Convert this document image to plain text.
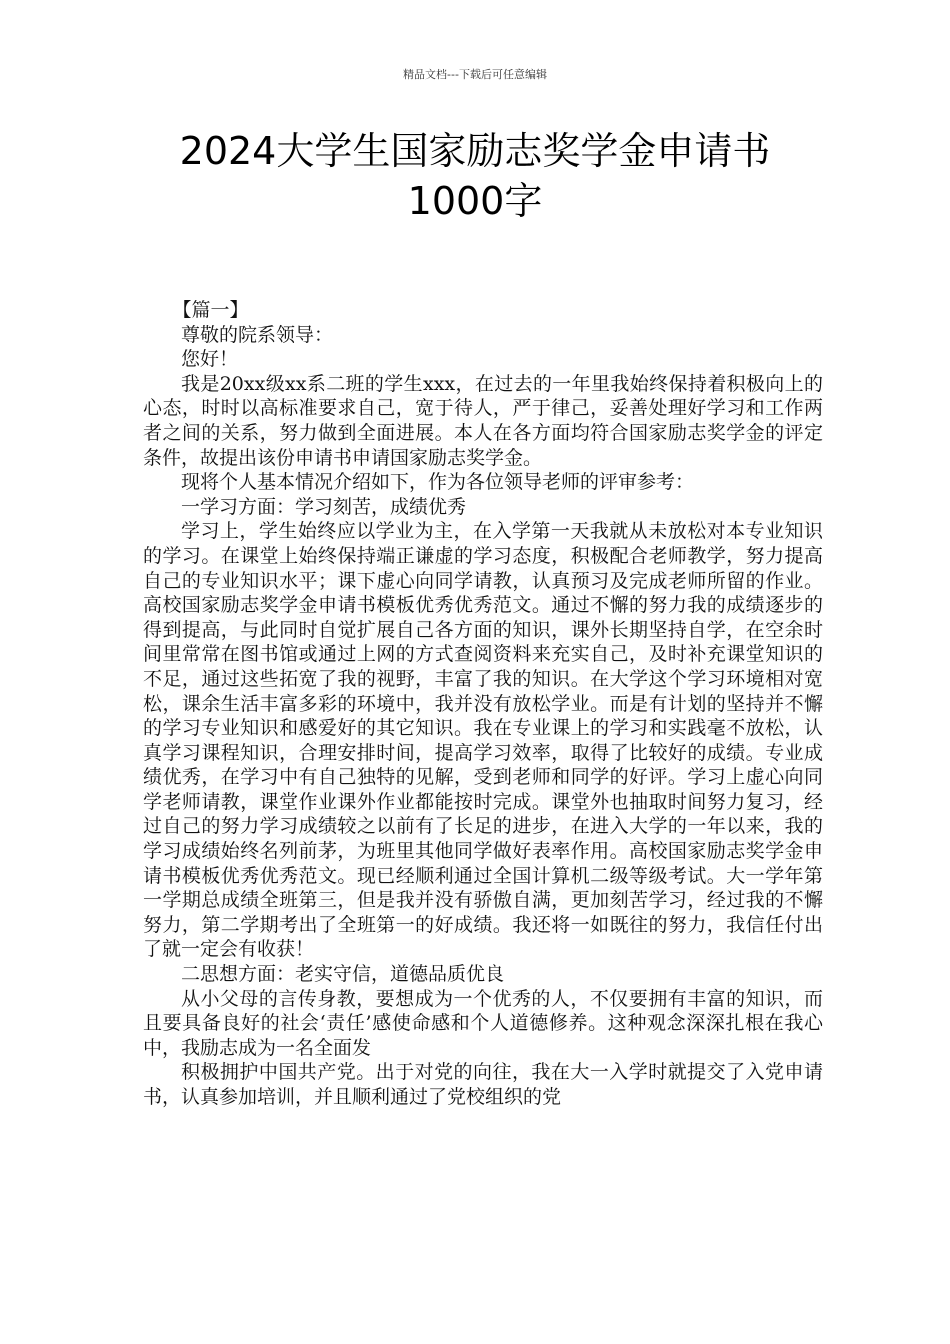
精品文档---下载后可任意编辑
2024大学生国家励志奖学金申请书
1000字

【篇一】

尊敬的院系领导：

您好！

我是20xx级xx系二班的学生xxx，在过去的一年里我始终保持着积极向上的心态，时时以高标准要求自己，宽于待人，严于律己，妥善处理好学习和工作两者之间的关系，努力做到全面进展。本人在各方面均符合国家励志奖学金的评定条件，故提出该份申请书申请国家励志奖学金。

现将个人基本情况介绍如下，作为各位领导老师的评审参考：

一学习方面：学习刻苦，成绩优秀

学习上，学生始终应以学业为主，在入学第一天我就从未放松对本专业知识的学习。在课堂上始终保持端正谦虚的学习态度，积极配合老师教学，努力提高自己的专业知识水平；课下虚心向同学请教，认真预习及完成老师所留的作业。高校国家励志奖学金申请书模板优秀优秀范文。通过不懈的努力我的成绩逐步的得到提高，与此同时自觉扩展自己各方面的知识，课外长期坚持自学，在空余时间里常常在图书馆或通过上网的方式查阅资料来充实自己，及时补充课堂知识的不足，通过这些拓宽了我的视野，丰富了我的知识。在大学这个学习环境相对宽松，课余生活丰富多彩的环境中，我并没有放松学业。而是有计划的坚持并不懈的学习专业知识和感爱好的其它知识。我在专业课上的学习和实践毫不放松，认真学习课程知识，合理安排时间，提高学习效率，取得了比较好的成绩。专业成绩优秀，在学习中有自己独特的见解，受到老师和同学的好评。学习上虚心向同学老师请教，课堂作业课外作业都能按时完成。课堂外也抽取时间努力复习，经过自己的努力学习成绩较之以前有了长足的进步，在进入大学的一年以来，我的学习成绩始终名列前茅，为班里其他同学做好表率作用。高校国家励志奖学金申请书模板优秀优秀范文。现已经顺利通过全国计算机二级等级考试。大一学年第一学期总成绩全班第三，但是我并没有骄傲自满，更加刻苦学习，经过我的不懈努力，第二学期考出了全班第一的好成绩。我还将一如既往的努力，我信任付出了就一定会有收获！

二思想方面：老实守信，道德品质优良

从小父母的言传身教，要想成为一个优秀的人，不仅要拥有丰富的知识，而且要具备良好的社会‘责任’感使命感和个人道德修养。这种观念深深扎根在我心中，我励志成为一名全面发

积极拥护中国共产党。出于对党的向往，我在大一入学时就提交了入党申请书，认真参加培训，并且顺利通过了党校组织的党
